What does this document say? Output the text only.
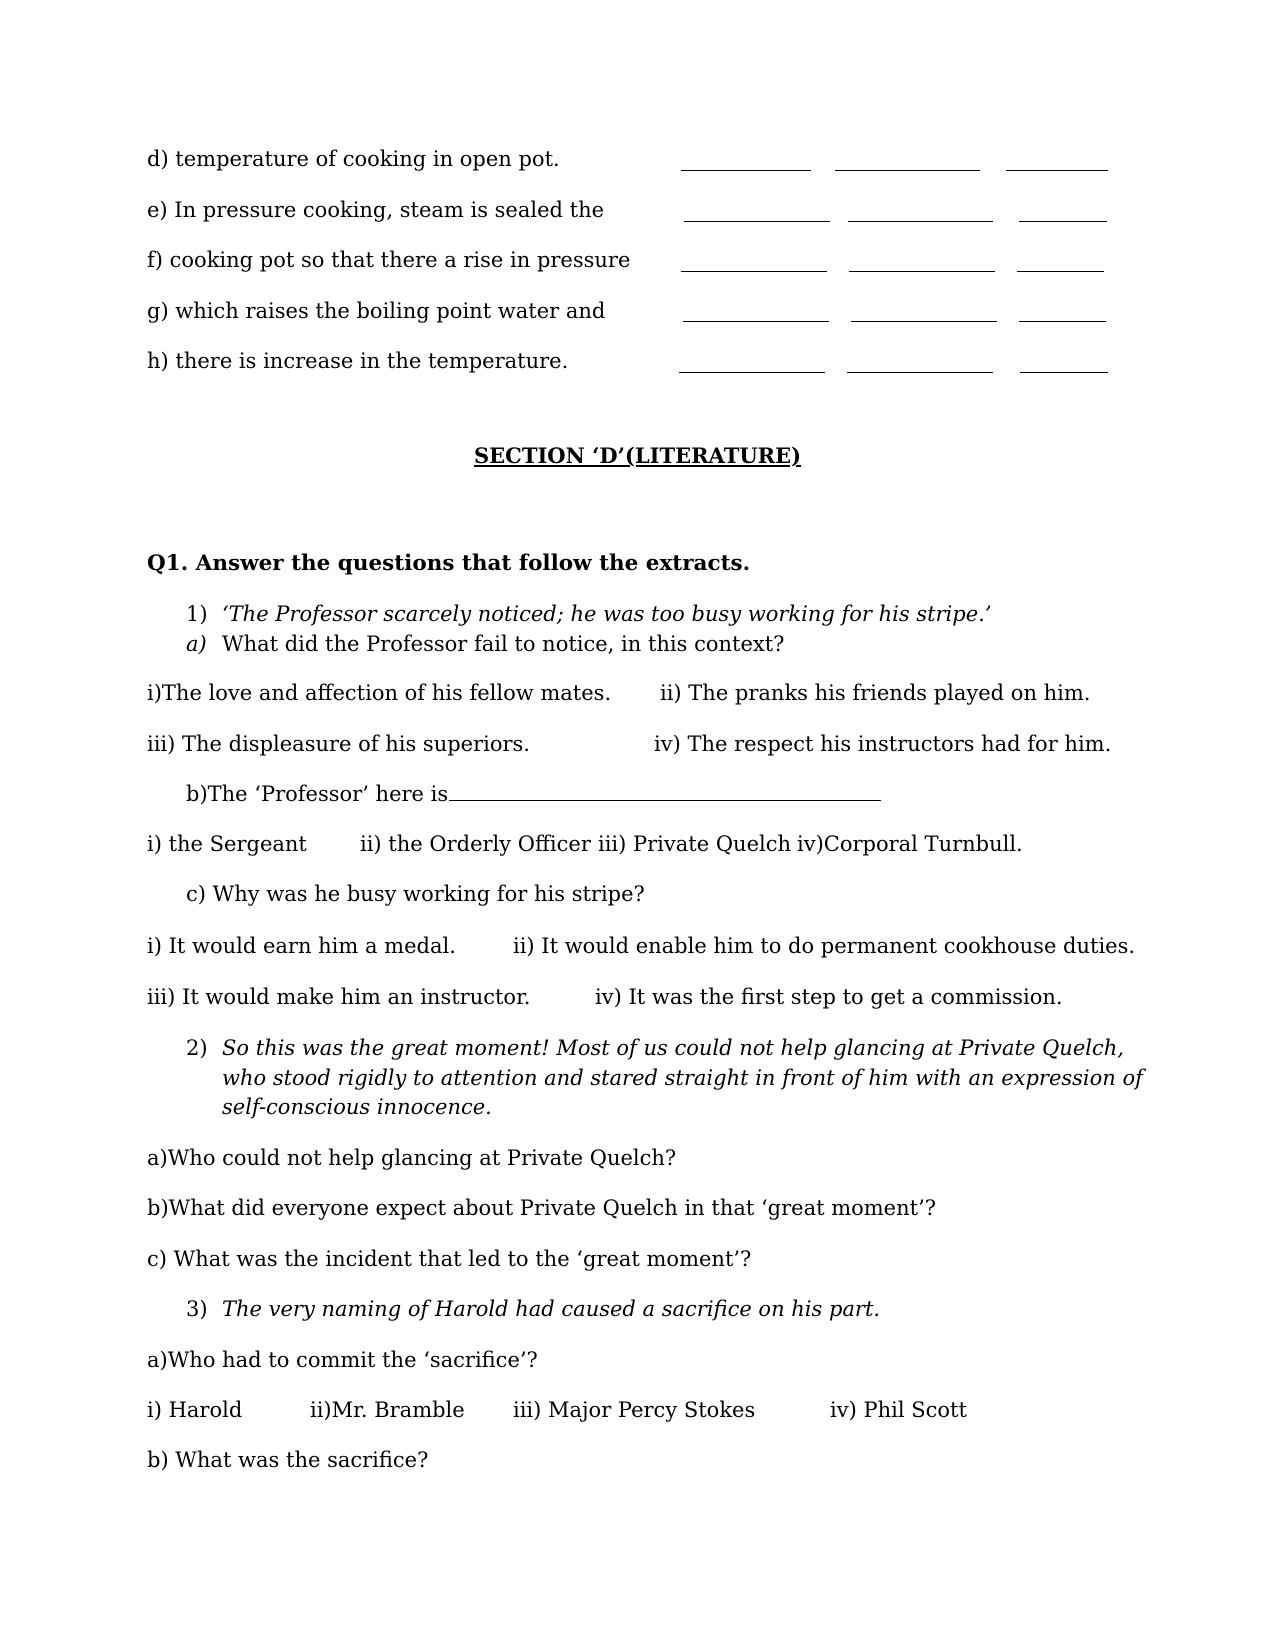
d) temperature of cooking in open pot.
e) In pressure cooking, steam is sealed the
f) cooking pot so that there a rise in pressure
g) which raises the boiling point water and
h) there is increase in the temperature.
SECTION ‘D’(LITERATURE)
Q1. Answer the questions that follow the extracts.
1) ‘The Professor scarcely noticed; he was too busy working for his stripe.’
a) What did the Professor fail to notice, in this context?
i)The love and affection of his fellow mates. ii) The pranks his friends played on him.
iii) The displeasure of his superiors.	iv) The respect his instructors had for him.
b)The ‘Professor’ here is
i) the Sergeant	ii) the Orderly Officer iii) Private Quelch iv)Corporal Turnbull.
c) Why was he busy working for his stripe?
i) It would earn him a medal.	ii) It would enable him to do permanent cookhouse duties.
iii) It would make him an instructor.	iv) It was the first step to get a commission.
2) So this was the great moment! Most of us could not help glancing at Private Quelch,
who stood rigidly to attention and stared straight in front of him with an expression of
self-conscious innocence.
a)Who could not help glancing at Private Quelch?
b)What did everyone expect about Private Quelch in that ‘great moment’?
c) What was the incident that led to the ‘great moment’?
3) The very naming of Harold had caused a sacrifice on his part.
a)Who had to commit the ‘sacrifice’?
i) Harold	ii)Mr. Bramble iii) Major Percy Stokes	iv) Phil Scott
b) What was the sacrifice?
